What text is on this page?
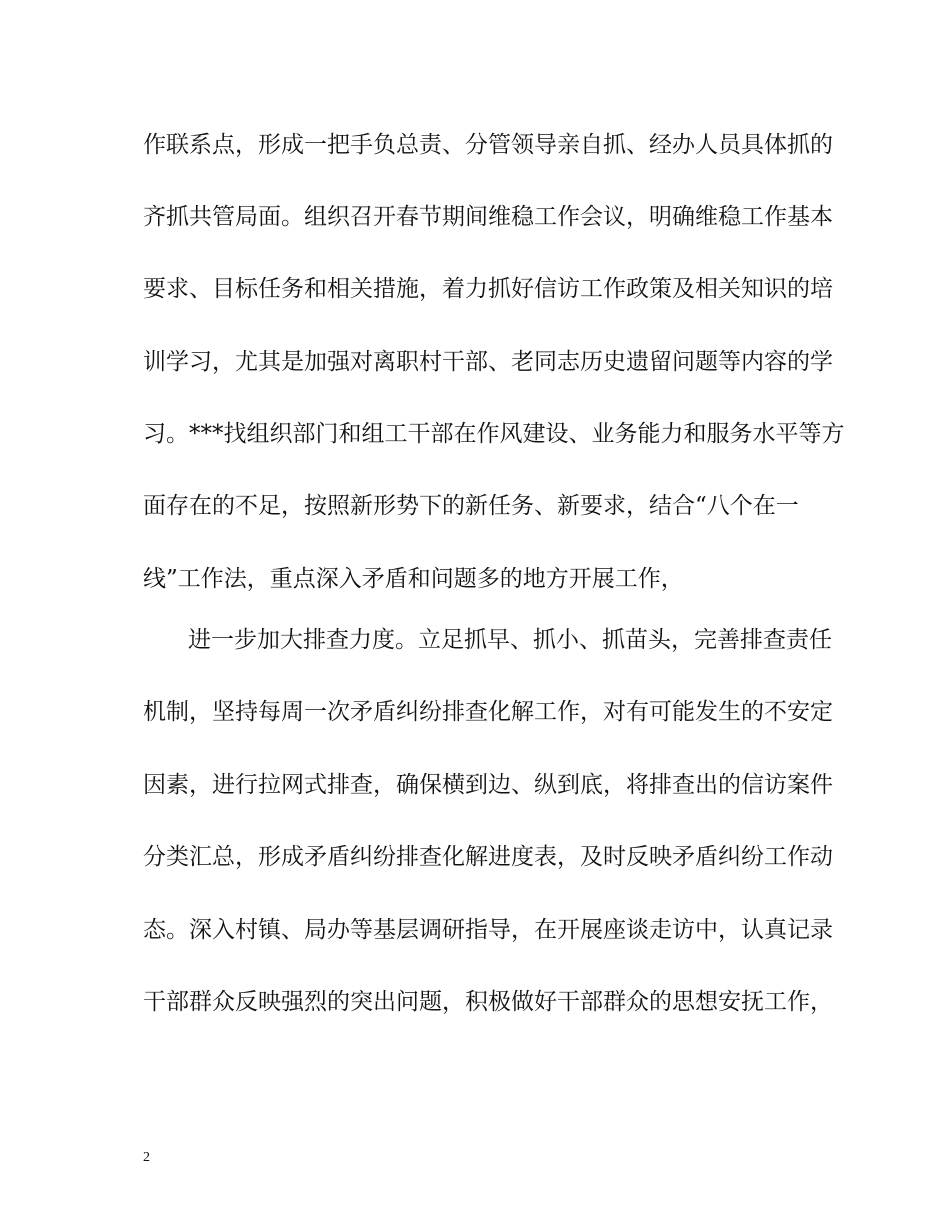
作联系点，形成一把手负总责、分管领导亲自抓、经办人员具体抓的
齐抓共管局面。组织召开春节期间维稳工作会议，明确维稳工作基本
要求、目标任务和相关措施，着力抓好信访工作政策及相关知识的培
训学习，尤其是加强对离职村干部、老同志历史遗留问题等内容的学
习。***找组织部门和组工干部在作风建设、业务能力和服务水平等方
面存在的不足，按照新形势下的新任务、新要求，结合“八个在一
线”工作法，重点深入矛盾和问题多的地方开展工作，
进一步加大排查力度。立足抓早、抓小、抓苗头，完善排查责任
机制，坚持每周一次矛盾纠纷排查化解工作，对有可能发生的不安定
因素，进行拉网式排查，确保横到边、纵到底，将排查出的信访案件
分类汇总，形成矛盾纠纷排查化解进度表，及时反映矛盾纠纷工作动
态。深入村镇、局办等基层调研指导，在开展座谈走访中，认真记录
干部群众反映强烈的突出问题，积极做好干部群众的思想安抚工作，
2
